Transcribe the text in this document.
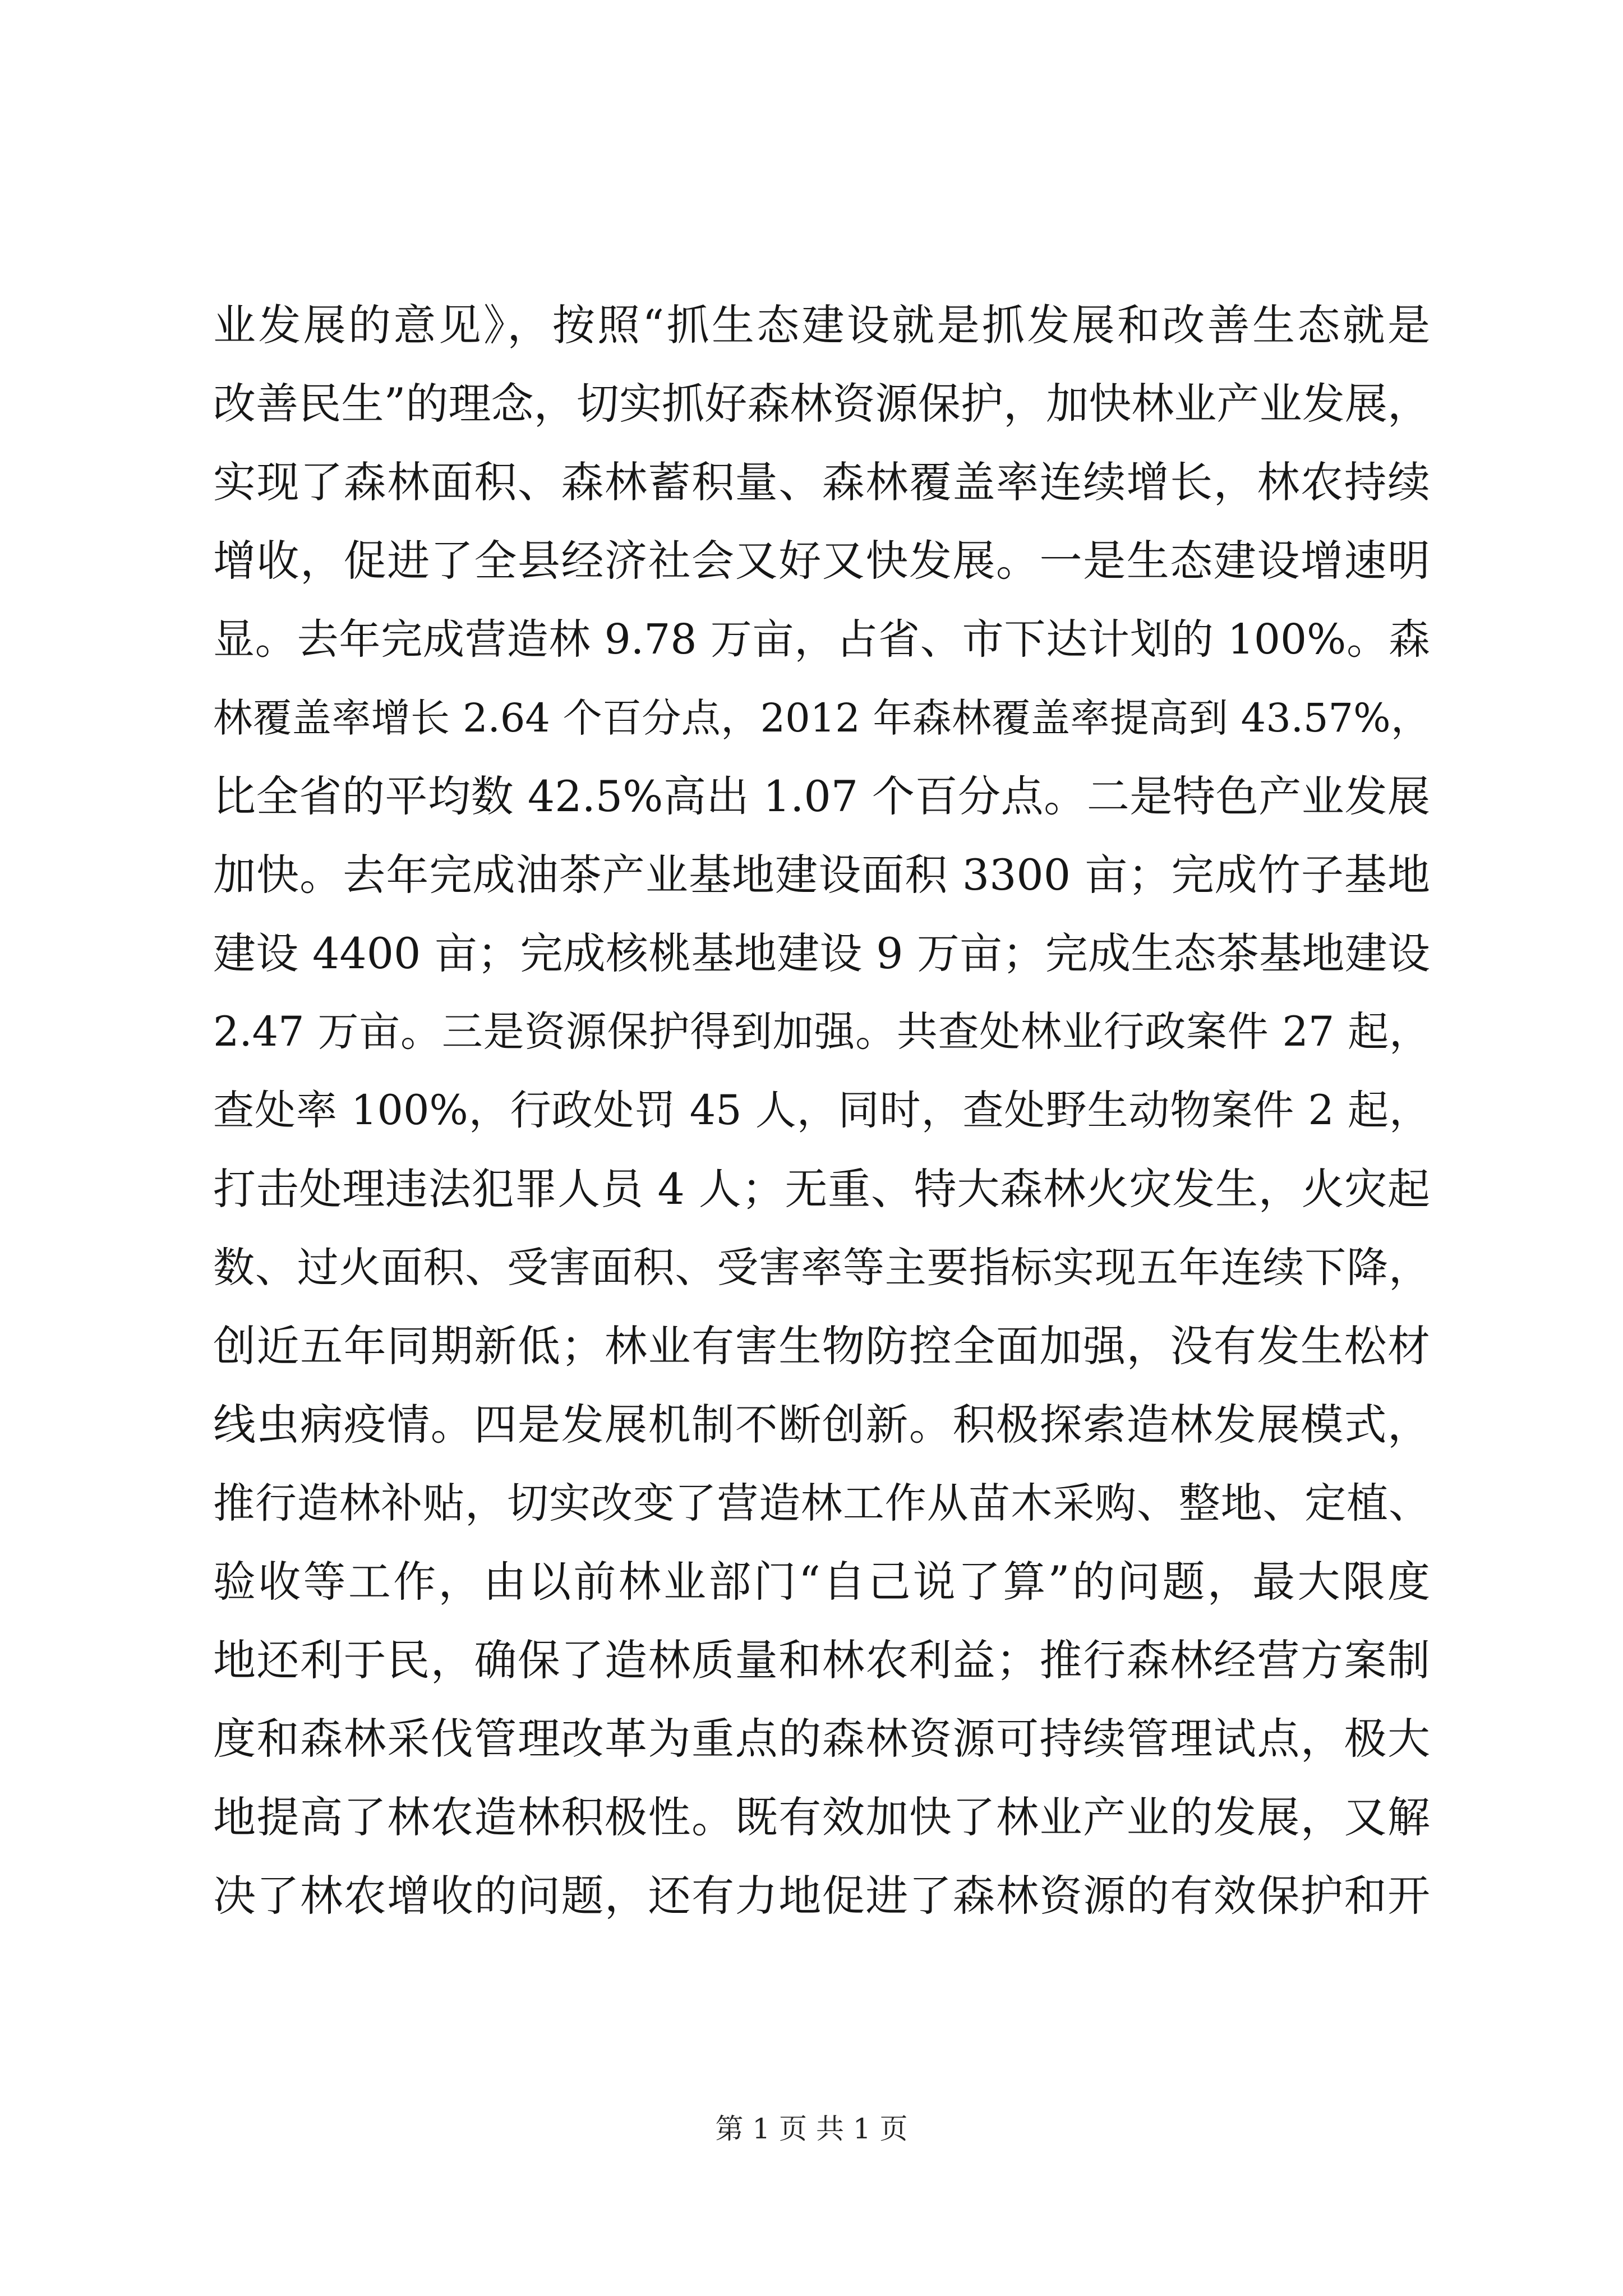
业发展的意见》，按照“抓生态建设就是抓发展和改善生态就是
改善民生”的理念，切实抓好森林资源保护，加快林业产业发展，
实现了森林面积、森林蓄积量、森林覆盖率连续增长，林农持续
增收，促进了全县经济社会又好又快发展。一是生态建设增速明
显。去年完成营造林 9.78 万亩，占省、市下达计划的 100%。森
林覆盖率增长 2.64 个百分点，2012 年森林覆盖率提高到 43.57%，
比全省的平均数 42.5%高出 1.07 个百分点。二是特色产业发展
加快。去年完成油茶产业基地建设面积 3300 亩；完成竹子基地
建设 4400 亩；完成核桃基地建设 9 万亩；完成生态茶基地建设
2.47 万亩。三是资源保护得到加强。共查处林业行政案件 27 起，
查处率 100%，行政处罚 45 人，同时，查处野生动物案件 2 起，
打击处理违法犯罪人员 4 人；无重、特大森林火灾发生，火灾起
数、过火面积、受害面积、受害率等主要指标实现五年连续下降，
创近五年同期新低；林业有害生物防控全面加强，没有发生松材
线虫病疫情。四是发展机制不断创新。积极探索造林发展模式，
推行造林补贴，切实改变了营造林工作从苗木采购、整地、定植、
验收等工作，由以前林业部门“自己说了算”的问题，最大限度
地还利于民，确保了造林质量和林农利益；推行森林经营方案制
度和森林采伐管理改革为重点的森林资源可持续管理试点，极大
地提高了林农造林积极性。既有效加快了林业产业的发展，又解
决了林农增收的问题，还有力地促进了森林资源的有效保护和开
第 1 页 共 1 页
